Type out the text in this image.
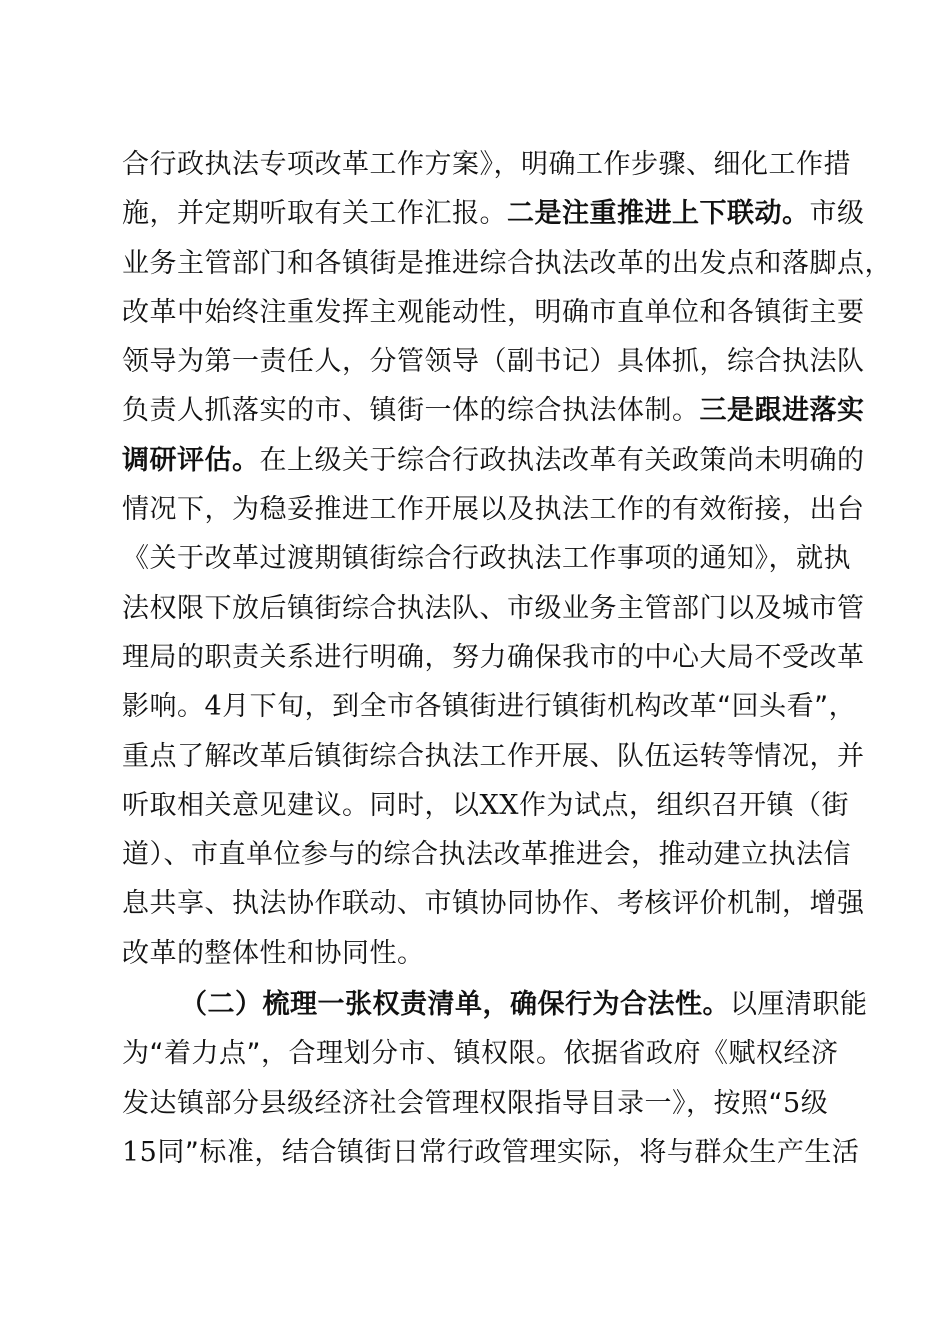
合行政执法专项改革工作方案》，明确工作步骤、细化工作措
施，并定期听取有关工作汇报。二是注重推进上下联动。市级
业务主管部门和各镇街是推进综合执法改革的出发点和落脚点，
改革中始终注重发挥主观能动性，明确市直单位和各镇街主要
领导为第一责任人，分管领导（副书记）具体抓，综合执法队
负责人抓落实的市、镇街一体的综合执法体制。三是跟进落实
调研评估。在上级关于综合行政执法改革有关政策尚未明确的
情况下，为稳妥推进工作开展以及执法工作的有效衔接，出台
《关于改革过渡期镇街综合行政执法工作事项的通知》，就执
法权限下放后镇街综合执法队、市级业务主管部门以及城市管
理局的职责关系进行明确，努力确保我市的中心大局不受改革
影响。4月下旬，到全市各镇街进行镇街机构改革“回头看”，
重点了解改革后镇街综合执法工作开展、队伍运转等情况，并
听取相关意见建议。同时，以XX作为试点，组织召开镇（街
道）、市直单位参与的综合执法改革推进会，推动建立执法信
息共享、执法协作联动、市镇协同协作、考核评价机制，增强
改革的整体性和协同性。
（二）梳理一张权责清单，确保行为合法性。以厘清职能
为“着力点”，合理划分市、镇权限。依据省政府《赋权经济
发达镇部分县级经济社会管理权限指导目录一》，按照“5级
15同”标准，结合镇街日常行政管理实际，将与群众生产生活
